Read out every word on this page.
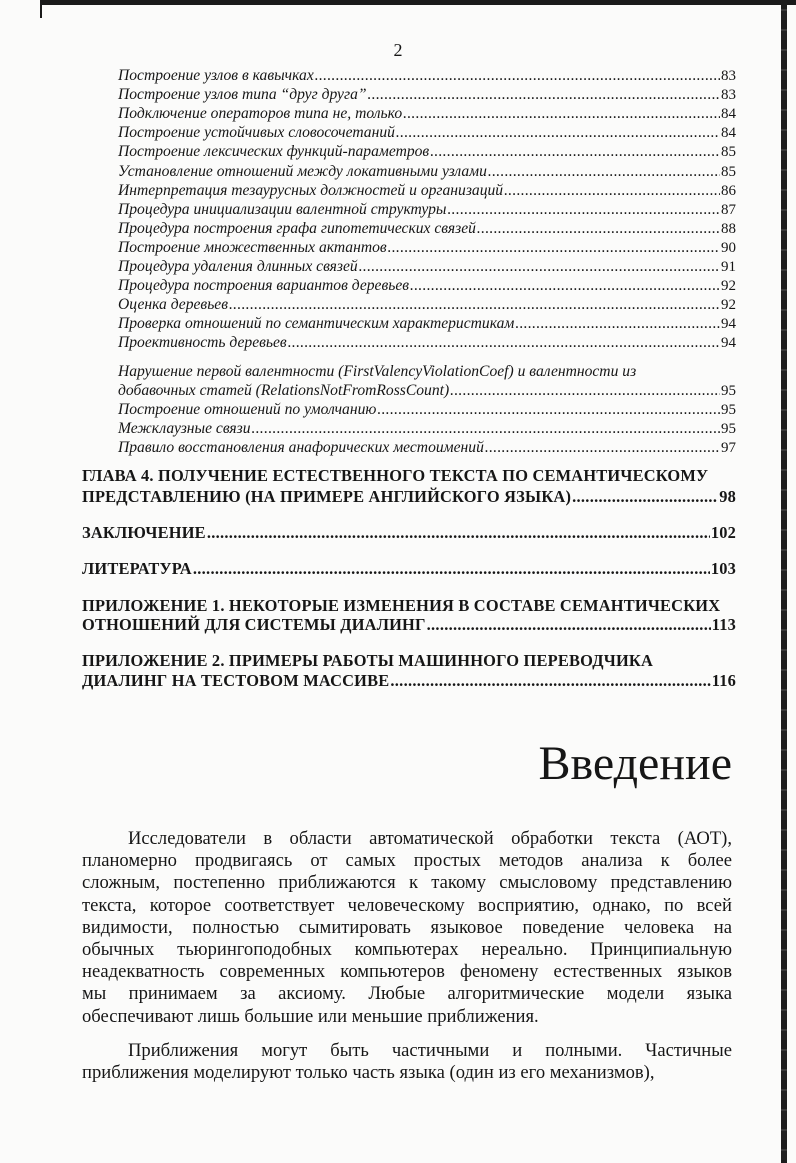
2
Построение узлов в кавычках .....	83
Построение узлов типа “друг друга” .....	83
Подключение операторов типа не, только .....	84
Построение устойчивых словосочетаний .....	84
Построение лексических функций-параметров .....	85
Установление отношений между локативными узлами .....	85
Интерпретация тезаурусных должностей и организаций .....	86
Процедура инициализации валентной структуры .....	87
Процедура построения графа гипотетических связей .....	88
Построение множественных актантов .....	90
Процедура удаления длинных связей .....	91
Процедура построения вариантов деревьев .....	92
Оценка деревьев .....	92
Проверка отношений по семантическим характеристикам .....	94
Проективность деревьев .....	94
Нарушение первой валентности (FirstValencyViolationCoef) и валентности из
добавочных статей (RelationsNotFromRossCount) .....	95
Построение отношений по умолчанию .....	95
Межклаузные связи .....	95
Правило восстановления анафорических местоимений .....	97
ГЛАВА 4. ПОЛУЧЕНИЕ ЕСТЕСТВЕННОГО ТЕКСТА ПО СЕМАНТИЧЕСКОМУ
ПРЕДСТАВЛЕНИЮ (НА ПРИМЕРЕ АНГЛИЙСКОГО ЯЗЫКА) .....	98
ЗАКЛЮЧЕНИЕ .....	102
ЛИТЕРАТУРА .....	103
ПРИЛОЖЕНИЕ 1. НЕКОТОРЫЕ ИЗМЕНЕНИЯ В СОСТАВЕ СЕМАНТИЧЕСКИХ
ОТНОШЕНИЙ ДЛЯ СИСТЕМЫ ДИАЛИНГ .....	113
ПРИЛОЖЕНИЕ 2. ПРИМЕРЫ РАБОТЫ МАШИННОГО ПЕРЕВОДЧИКА
ДИАЛИНГ НА ТЕСТОВОМ МАССИВЕ .....	116
Введение
Исследователи в области автоматической обработки текста (АОТ),
планомерно продвигаясь от самых простых методов анализа к более
сложным, постепенно приближаются к такому смысловому представлению
текста, которое соответствует человеческому восприятию, однако, по всей
видимости, полностью сымитировать языковое поведение человека на
обычных тьюрингоподобных компьютерах нереально. Принципиальную
неадекватность современных компьютеров феномену естественных языков
мы принимаем за аксиому. Любые алгоритмические модели языка
обеспечивают лишь большие или меньшие приближения.
Приближения могут быть частичными и полными. Частичные
приближения моделируют только часть языка (один из его механизмов),
